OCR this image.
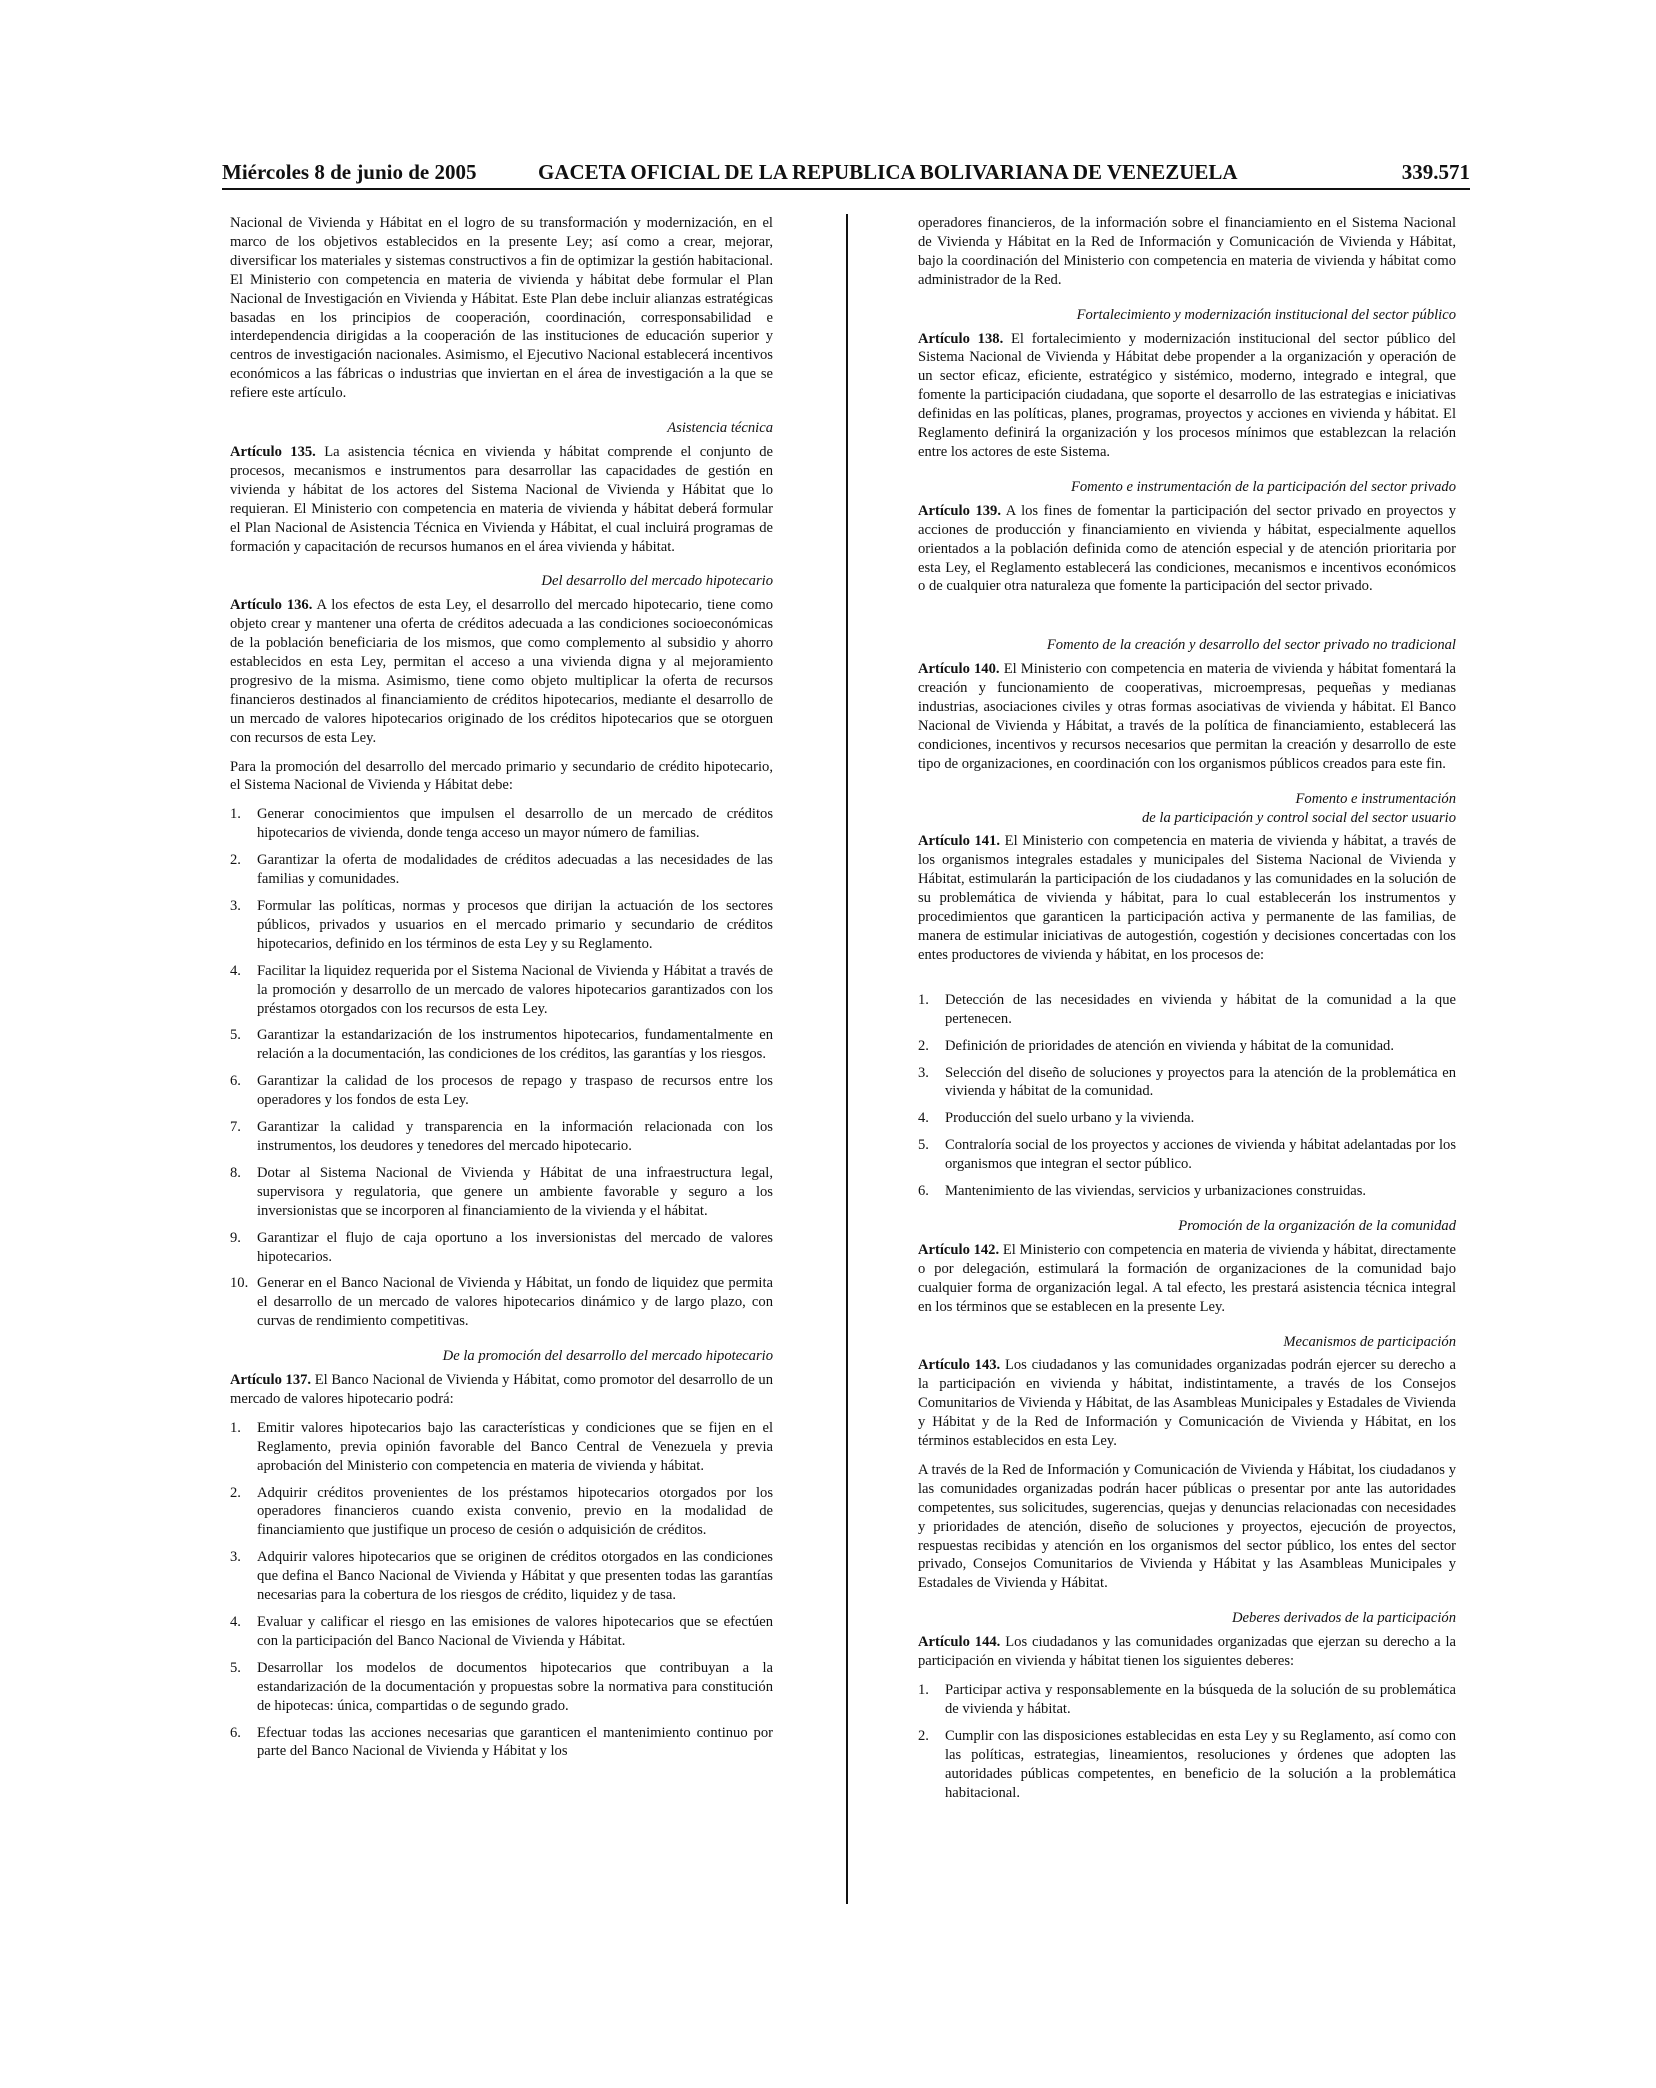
Miércoles 8 de junio de 2005	GACETA OFICIAL DE LA REPUBLICA BOLIVARIANA DE VENEZUELA	339.571

Nacional de Vivienda y Hábitat en el logro de su transformación y modernización, en el marco de los objetivos establecidos en la presente Ley; así como a crear, mejorar, diversificar los materiales y sistemas constructivos a fin de optimizar la gestión habitacional. El Ministerio con competencia en materia de vivienda y hábitat debe formular el Plan Nacional de Investigación en Vivienda y Hábitat. Este Plan debe incluir alianzas estratégicas basadas en los principios de cooperación, coordinación, corresponsabilidad e interdependencia dirigidas a la cooperación de las instituciones de educación superior y centros de investigación nacionales. Asimismo, el Ejecutivo Nacional establecerá incentivos económicos a las fábricas o industrias que inviertan en el área de investigación a la que se refiere este artículo.

Asistencia técnica

Artículo 135. La asistencia técnica en vivienda y hábitat comprende el conjunto de procesos, mecanismos e instrumentos para desarrollar las capacidades de gestión en vivienda y hábitat de los actores del Sistema Nacional de Vivienda y Hábitat que lo requieran. El Ministerio con competencia en materia de vivienda y hábitat deberá formular el Plan Nacional de Asistencia Técnica en Vivienda y Hábitat, el cual incluirá programas de formación y capacitación de recursos humanos en el área vivienda y hábitat.

Del desarrollo del mercado hipotecario

Artículo 136. A los efectos de esta Ley, el desarrollo del mercado hipotecario, tiene como objeto crear y mantener una oferta de créditos adecuada a las condiciones socioeconómicas de la población beneficiaria de los mismos, que como complemento al subsidio y ahorro establecidos en esta Ley, permitan el acceso a una vivienda digna y al mejoramiento progresivo de la misma. Asimismo, tiene como objeto multiplicar la oferta de recursos financieros destinados al financiamiento de créditos hipotecarios, mediante el desarrollo de un mercado de valores hipotecarios originado de los créditos hipotecarios que se otorguen con recursos de esta Ley.

Para la promoción del desarrollo del mercado primario y secundario de crédito hipotecario, el Sistema Nacional de Vivienda y Hábitat debe:

1. Generar conocimientos que impulsen el desarrollo de un mercado de créditos hipotecarios de vivienda, donde tenga acceso un mayor número de familias.
2. Garantizar la oferta de modalidades de créditos adecuadas a las necesidades de las familias y comunidades.
3. Formular las políticas, normas y procesos que dirijan la actuación de los sectores públicos, privados y usuarios en el mercado primario y secundario de créditos hipotecarios, definido en los términos de esta Ley y su Reglamento.
4. Facilitar la liquidez requerida por el Sistema Nacional de Vivienda y Hábitat a través de la promoción y desarrollo de un mercado de valores hipotecarios garantizados con los préstamos otorgados con los recursos de esta Ley.
5. Garantizar la estandarización de los instrumentos hipotecarios, fundamentalmente en relación a la documentación, las condiciones de los créditos, las garantías y los riesgos.
6. Garantizar la calidad de los procesos de repago y traspaso de recursos entre los operadores y los fondos de esta Ley.
7. Garantizar la calidad y transparencia en la información relacionada con los instrumentos, los deudores y tenedores del mercado hipotecario.
8. Dotar al Sistema Nacional de Vivienda y Hábitat de una infraestructura legal, supervisora y regulatoria, que genere un ambiente favorable y seguro a los inversionistas que se incorporen al financiamiento de la vivienda y el hábitat.
9. Garantizar el flujo de caja oportuno a los inversionistas del mercado de valores hipotecarios.
10. Generar en el Banco Nacional de Vivienda y Hábitat, un fondo de liquidez que permita el desarrollo de un mercado de valores hipotecarios dinámico y de largo plazo, con curvas de rendimiento competitivas.
De la promoción del desarrollo del mercado hipotecario

Artículo 137. El Banco Nacional de Vivienda y Hábitat, como promotor del desarrollo de un mercado de valores hipotecario podrá:

1. Emitir valores hipotecarios bajo las características y condiciones que se fijen en el Reglamento, previa opinión favorable del Banco Central de Venezuela y previa aprobación del Ministerio con competencia en materia de vivienda y hábitat.
2. Adquirir créditos provenientes de los préstamos hipotecarios otorgados por los operadores financieros cuando exista convenio, previo en la modalidad de financiamiento que justifique un proceso de cesión o adquisición de créditos.
3. Adquirir valores hipotecarios que se originen de créditos otorgados en las condiciones que defina el Banco Nacional de Vivienda y Hábitat y que presenten todas las garantías necesarias para la cobertura de los riesgos de crédito, liquidez y de tasa.
4. Evaluar y calificar el riesgo en las emisiones de valores hipotecarios que se efectúen con la participación del Banco Nacional de Vivienda y Hábitat.
5. Desarrollar los modelos de documentos hipotecarios que contribuyan a la estandarización de la documentación y propuestas sobre la normativa para constitución de hipotecas: única, compartidas o de segundo grado.
6. Efectuar todas las acciones necesarias que garanticen el mantenimiento continuo por parte del Banco Nacional de Vivienda y Hábitat y los

operadores financieros, de la información sobre el financiamiento en el Sistema Nacional de Vivienda y Hábitat en la Red de Información y Comunicación de Vivienda y Hábitat, bajo la coordinación del Ministerio con competencia en materia de vivienda y hábitat como administrador de la Red.

Fortalecimiento y modernización institucional del sector público

Artículo 138. El fortalecimiento y modernización institucional del sector público del Sistema Nacional de Vivienda y Hábitat debe propender a la organización y operación de un sector eficaz, eficiente, estratégico y sistémico, moderno, integrado e integral, que fomente la participación ciudadana, que soporte el desarrollo de las estrategias e iniciativas definidas en las políticas, planes, programas, proyectos y acciones en vivienda y hábitat. El Reglamento definirá la organización y los procesos mínimos que establezcan la relación entre los actores de este Sistema.

Fomento e instrumentación de la participación del sector privado

Artículo 139. A los fines de fomentar la participación del sector privado en proyectos y acciones de producción y financiamiento en vivienda y hábitat, especialmente aquellos orientados a la población definida como de atención especial y de atención prioritaria por esta Ley, el Reglamento establecerá las condiciones, mecanismos e incentivos económicos o de cualquier otra naturaleza que fomente la participación del sector privado.

Fomento de la creación y desarrollo del sector privado no tradicional

Artículo 140. El Ministerio con competencia en materia de vivienda y hábitat fomentará la creación y funcionamiento de cooperativas, microempresas, pequeñas y medianas industrias, asociaciones civiles y otras formas asociativas de vivienda y hábitat. El Banco Nacional de Vivienda y Hábitat, a través de la política de financiamiento, establecerá las condiciones, incentivos y recursos necesarios que permitan la creación y desarrollo de este tipo de organizaciones, en coordinación con los organismos públicos creados para este fin.

Fomento e instrumentación
de la participación y control social del sector usuario

Artículo 141. El Ministerio con competencia en materia de vivienda y hábitat, a través de los organismos integrales estadales y municipales del Sistema Nacional de Vivienda y Hábitat, estimularán la participación de los ciudadanos y las comunidades en la solución de su problemática de vivienda y hábitat, para lo cual establecerán los instrumentos y procedimientos que garanticen la participación activa y permanente de las familias, de manera de estimular iniciativas de autogestión, cogestión y decisiones concertadas con los entes productores de vivienda y hábitat, en los procesos de:

1. Detección de las necesidades en vivienda y hábitat de la comunidad a la que pertenecen.
2. Definición de prioridades de atención en vivienda y hábitat de la comunidad.
3. Selección del diseño de soluciones y proyectos para la atención de la problemática en vivienda y hábitat de la comunidad.
4. Producción del suelo urbano y la vivienda.
5. Contraloría social de los proyectos y acciones de vivienda y hábitat adelantadas por los organismos que integran el sector público.
6. Mantenimiento de las viviendas, servicios y urbanizaciones construidas.
Promoción de la organización de la comunidad

Artículo 142. El Ministerio con competencia en materia de vivienda y hábitat, directamente o por delegación, estimulará la formación de organizaciones de la comunidad bajo cualquier forma de organización legal. A tal efecto, les prestará asistencia técnica integral en los términos que se establecen en la presente Ley.

Mecanismos de participación

Artículo 143. Los ciudadanos y las comunidades organizadas podrán ejercer su derecho a la participación en vivienda y hábitat, indistintamente, a través de los Consejos Comunitarios de Vivienda y Hábitat, de las Asambleas Municipales y Estadales de Vivienda y Hábitat y de la Red de Información y Comunicación de Vivienda y Hábitat, en los términos establecidos en esta Ley.

A través de la Red de Información y Comunicación de Vivienda y Hábitat, los ciudadanos y las comunidades organizadas podrán hacer públicas o presentar por ante las autoridades competentes, sus solicitudes, sugerencias, quejas y denuncias relacionadas con necesidades y prioridades de atención, diseño de soluciones y proyectos, ejecución de proyectos, respuestas recibidas y atención en los organismos del sector público, los entes del sector privado, Consejos Comunitarios de Vivienda y Hábitat y las Asambleas Municipales y Estadales de Vivienda y Hábitat.

Deberes derivados de la participación

Artículo 144. Los ciudadanos y las comunidades organizadas que ejerzan su derecho a la participación en vivienda y hábitat tienen los siguientes deberes:

1. Participar activa y responsablemente en la búsqueda de la solución de su problemática de vivienda y hábitat.
2. Cumplir con las disposiciones establecidas en esta Ley y su Reglamento, así como con las políticas, estrategias, lineamientos, resoluciones y órdenes que adopten las autoridades públicas competentes, en beneficio de la solución a la problemática habitacional.
